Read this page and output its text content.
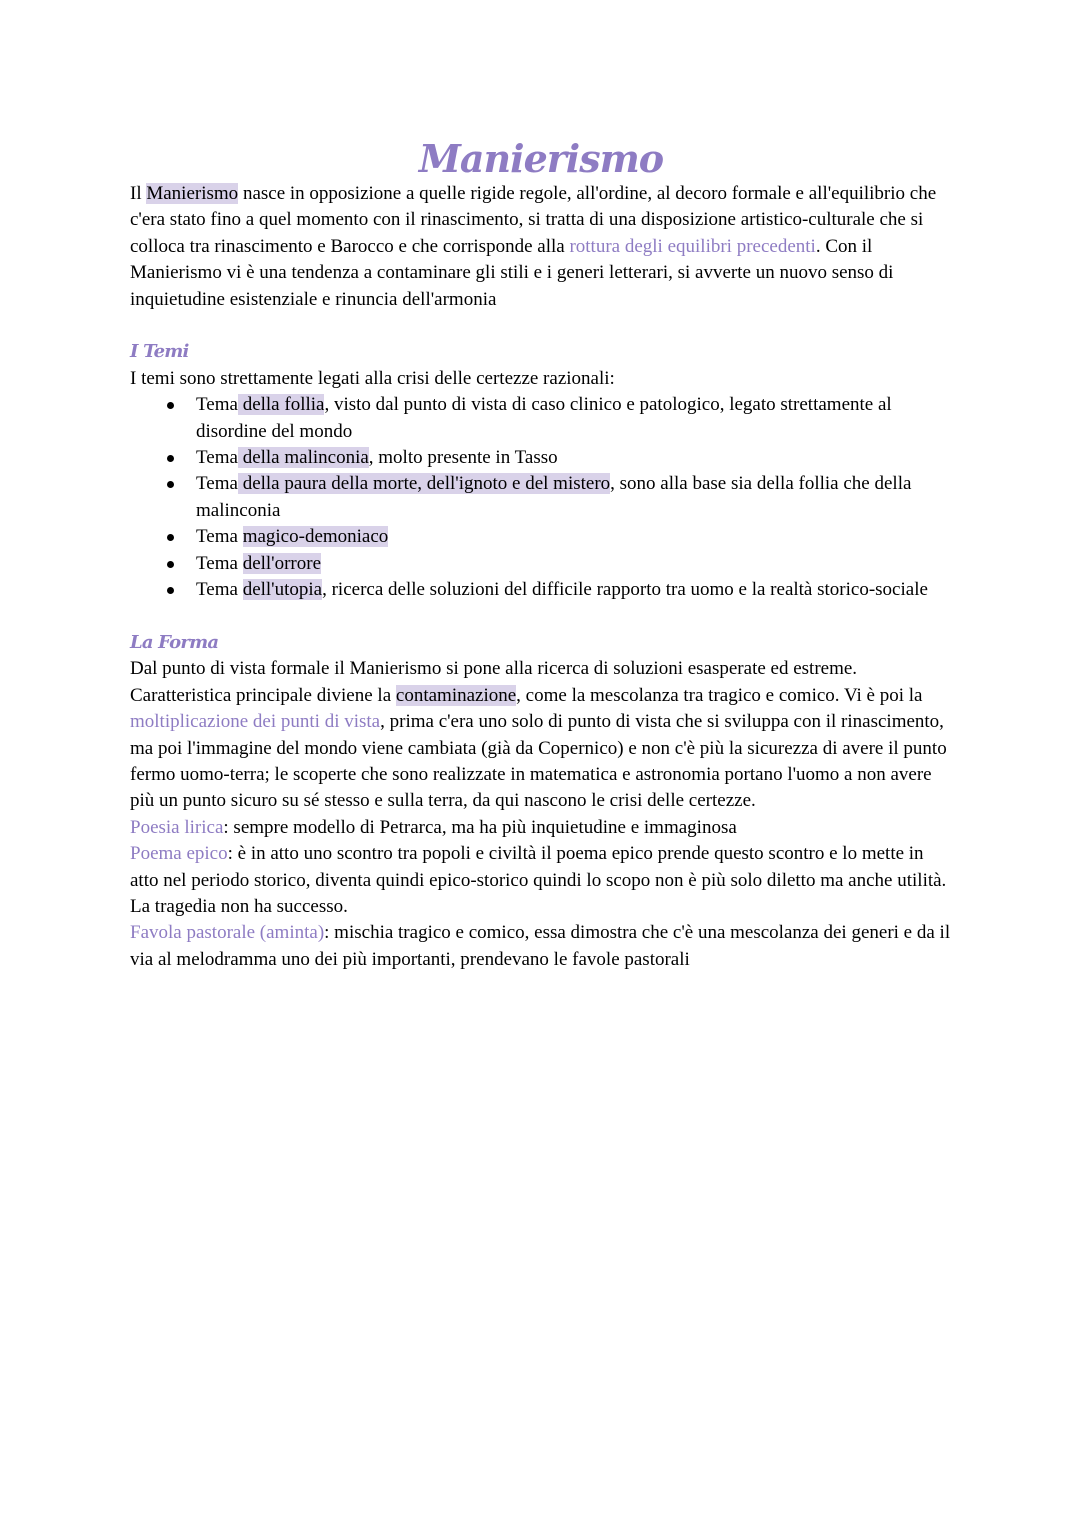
Manierismo

Il Manierismo nasce in opposizione a quelle rigide regole, all'ordine, al decoro formale e all'equilibrio che c'era stato fino a quel momento con il rinascimento, si tratta di una disposizione artistico-culturale che si colloca tra rinascimento e Barocco e che corrisponde alla rottura degli equilibri precedenti. Con il Manierismo vi è una tendenza a contaminare gli stili e i generi letterari, si avverte un nuovo senso di inquietudine esistenziale e rinuncia dell'armonia

I Temi

I temi sono strettamente legati alla crisi delle certezze razionali:

Tema della follia, visto dal punto di vista di caso clinico e patologico, legato strettamente al disordine del mondo
Tema della malinconia, molto presente in Tasso
Tema della paura della morte, dell'ignoto e del mistero, sono alla base sia della follia che della malinconia
Tema magico-demoniaco
Tema dell'orrore
Tema dell'utopia, ricerca delle soluzioni del difficile rapporto tra uomo e la realtà storico-sociale
La Forma

Dal punto di vista formale il Manierismo si pone alla ricerca di soluzioni esasperate ed estreme. Caratteristica principale diviene la contaminazione, come la mescolanza tra tragico e comico. Vi è poi la moltiplicazione dei punti di vista, prima c'era uno solo di punto di vista che si sviluppa con il rinascimento, ma poi l'immagine del mondo viene cambiata (già da Copernico) e non c'è più la sicurezza di avere il punto fermo uomo-terra; le scoperte che sono realizzate in matematica e astronomia portano l'uomo a non avere più un punto sicuro su sé stesso e sulla terra, da qui nascono le crisi delle certezze.

Poesia lirica: sempre modello di Petrarca, ma ha più inquietudine e immaginosa

Poema epico: è in atto uno scontro tra popoli e civiltà il poema epico prende questo scontro e lo mette in atto nel periodo storico, diventa quindi epico-storico quindi lo scopo non è più solo diletto ma anche utilità. La tragedia non ha successo.

Favola pastorale (aminta): mischia tragico e comico, essa dimostra che c'è una mescolanza dei generi e da il via al melodramma uno dei più importanti, prendevano le favole pastorali
